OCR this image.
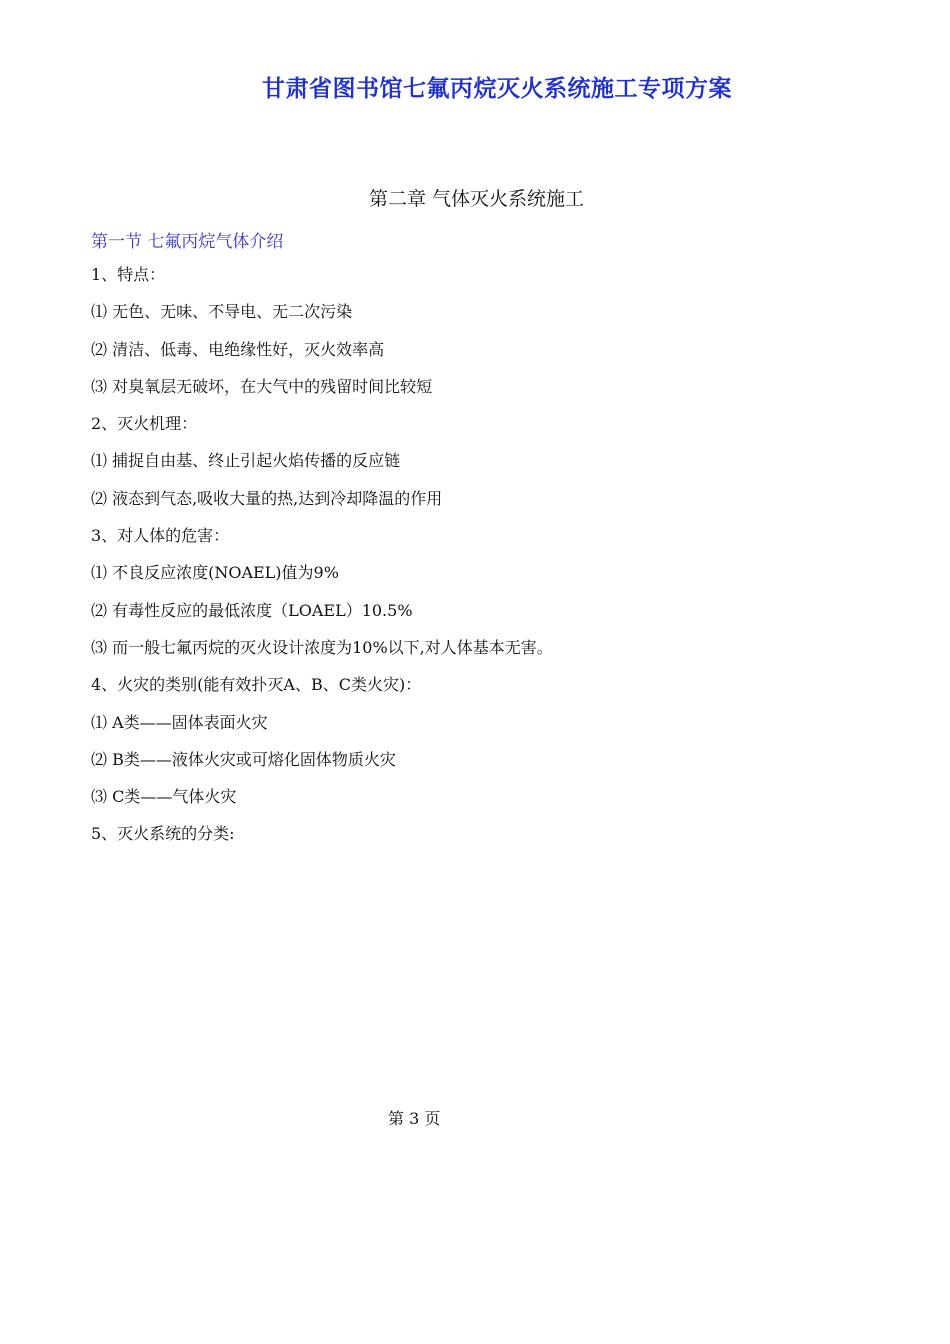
甘肃省图书馆七氟丙烷灭火系统施工专项方案
第二章 气体灭火系统施工
第一节 七氟丙烷气体介绍
1、特点：
⑴ 无色、无味、不导电、无二次污染
⑵ 清洁、低毒、电绝缘性好，灭火效率高
⑶ 对臭氧层无破坏，在大气中的残留时间比较短
2、灭火机理：
⑴ 捕捉自由基、终止引起火焰传播的反应链
⑵ 液态到气态,吸收大量的热,达到冷却降温的作用
3、对人体的危害：
⑴ 不良反应浓度(NOAEL)值为9%
⑵ 有毒性反应的最低浓度（LOAEL）10.5%
⑶ 而一般七氟丙烷的灭火设计浓度为10%以下,对人体基本无害。
4、火灾的类别(能有效扑灭A、B、C类火灾)：
⑴ A类——固体表面火灾
⑵ B类——液体火灾或可熔化固体物质火灾
⑶ C类——气体火灾
5、灭火系统的分类:
第 3 页
